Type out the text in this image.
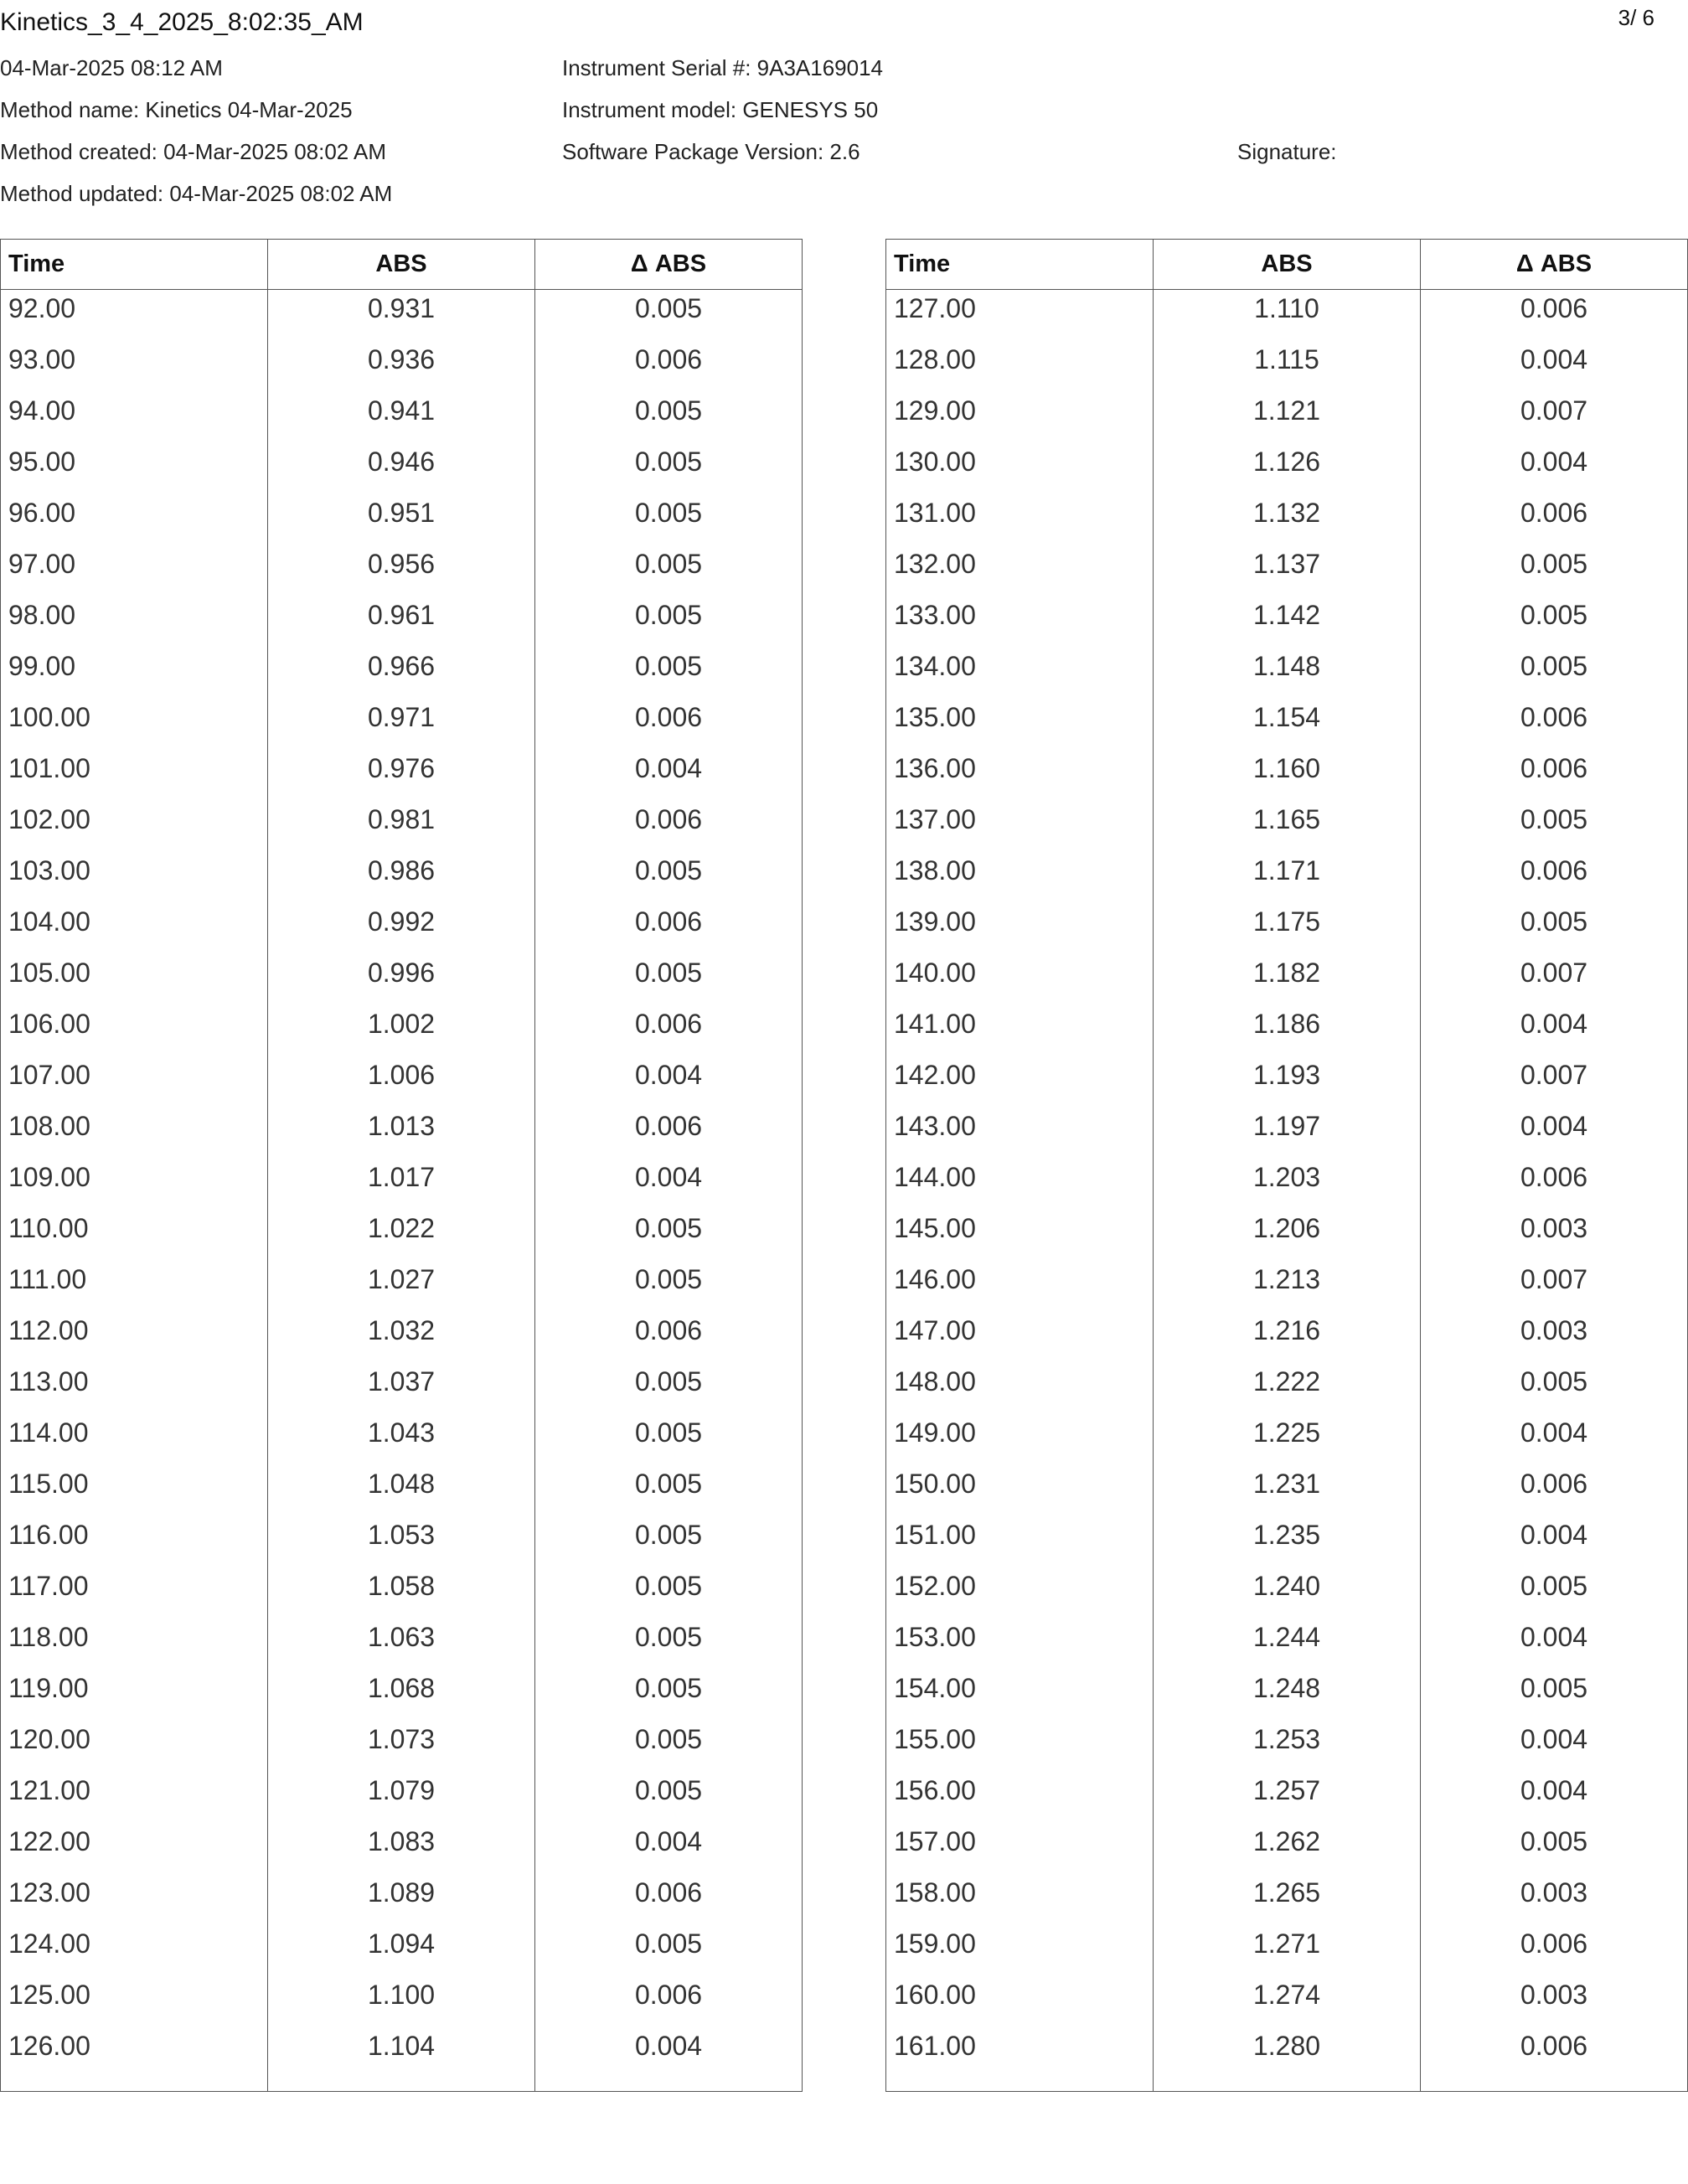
Kinetics_3_4_2025_8:02:35_AM	3/ 6
04-Mar-2025 08:12 AM
Method name: Kinetics 04-Mar-2025
Method created: 04-Mar-2025 08:02 AM
Method updated: 04-Mar-2025 08:02 AM
Instrument Serial #: 9A3A169014
Instrument model: GENESYS 50
Software Package Version: 2.6	Signature:
Time	ABS	Δ ABS
92.00	0.931	0.005
93.00	0.936	0.006
94.00	0.941	0.005
95.00	0.946	0.005
96.00	0.951	0.005
97.00	0.956	0.005
98.00	0.961	0.005
99.00	0.966	0.005
100.00	0.971	0.006
101.00	0.976	0.004
102.00	0.981	0.006
103.00	0.986	0.005
104.00	0.992	0.006
105.00	0.996	0.005
106.00	1.002	0.006
107.00	1.006	0.004
108.00	1.013	0.006
109.00	1.017	0.004
110.00	1.022	0.005
111.00	1.027	0.005
112.00	1.032	0.006
113.00	1.037	0.005
114.00	1.043	0.005
115.00	1.048	0.005
116.00	1.053	0.005
117.00	1.058	0.005
118.00	1.063	0.005
119.00	1.068	0.005
120.00	1.073	0.005
121.00	1.079	0.005
122.00	1.083	0.004
123.00	1.089	0.006
124.00	1.094	0.005
125.00	1.100	0.006
126.00	1.104	0.004
Time	ABS	Δ ABS
127.00	1.110	0.006
128.00	1.115	0.004
129.00	1.121	0.007
130.00	1.126	0.004
131.00	1.132	0.006
132.00	1.137	0.005
133.00	1.142	0.005
134.00	1.148	0.005
135.00	1.154	0.006
136.00	1.160	0.006
137.00	1.165	0.005
138.00	1.171	0.006
139.00	1.175	0.005
140.00	1.182	0.007
141.00	1.186	0.004
142.00	1.193	0.007
143.00	1.197	0.004
144.00	1.203	0.006
145.00	1.206	0.003
146.00	1.213	0.007
147.00	1.216	0.003
148.00	1.222	0.005
149.00	1.225	0.004
150.00	1.231	0.006
151.00	1.235	0.004
152.00	1.240	0.005
153.00	1.244	0.004
154.00	1.248	0.005
155.00	1.253	0.004
156.00	1.257	0.004
157.00	1.262	0.005
158.00	1.265	0.003
159.00	1.271	0.006
160.00	1.274	0.003
161.00	1.280	0.006
